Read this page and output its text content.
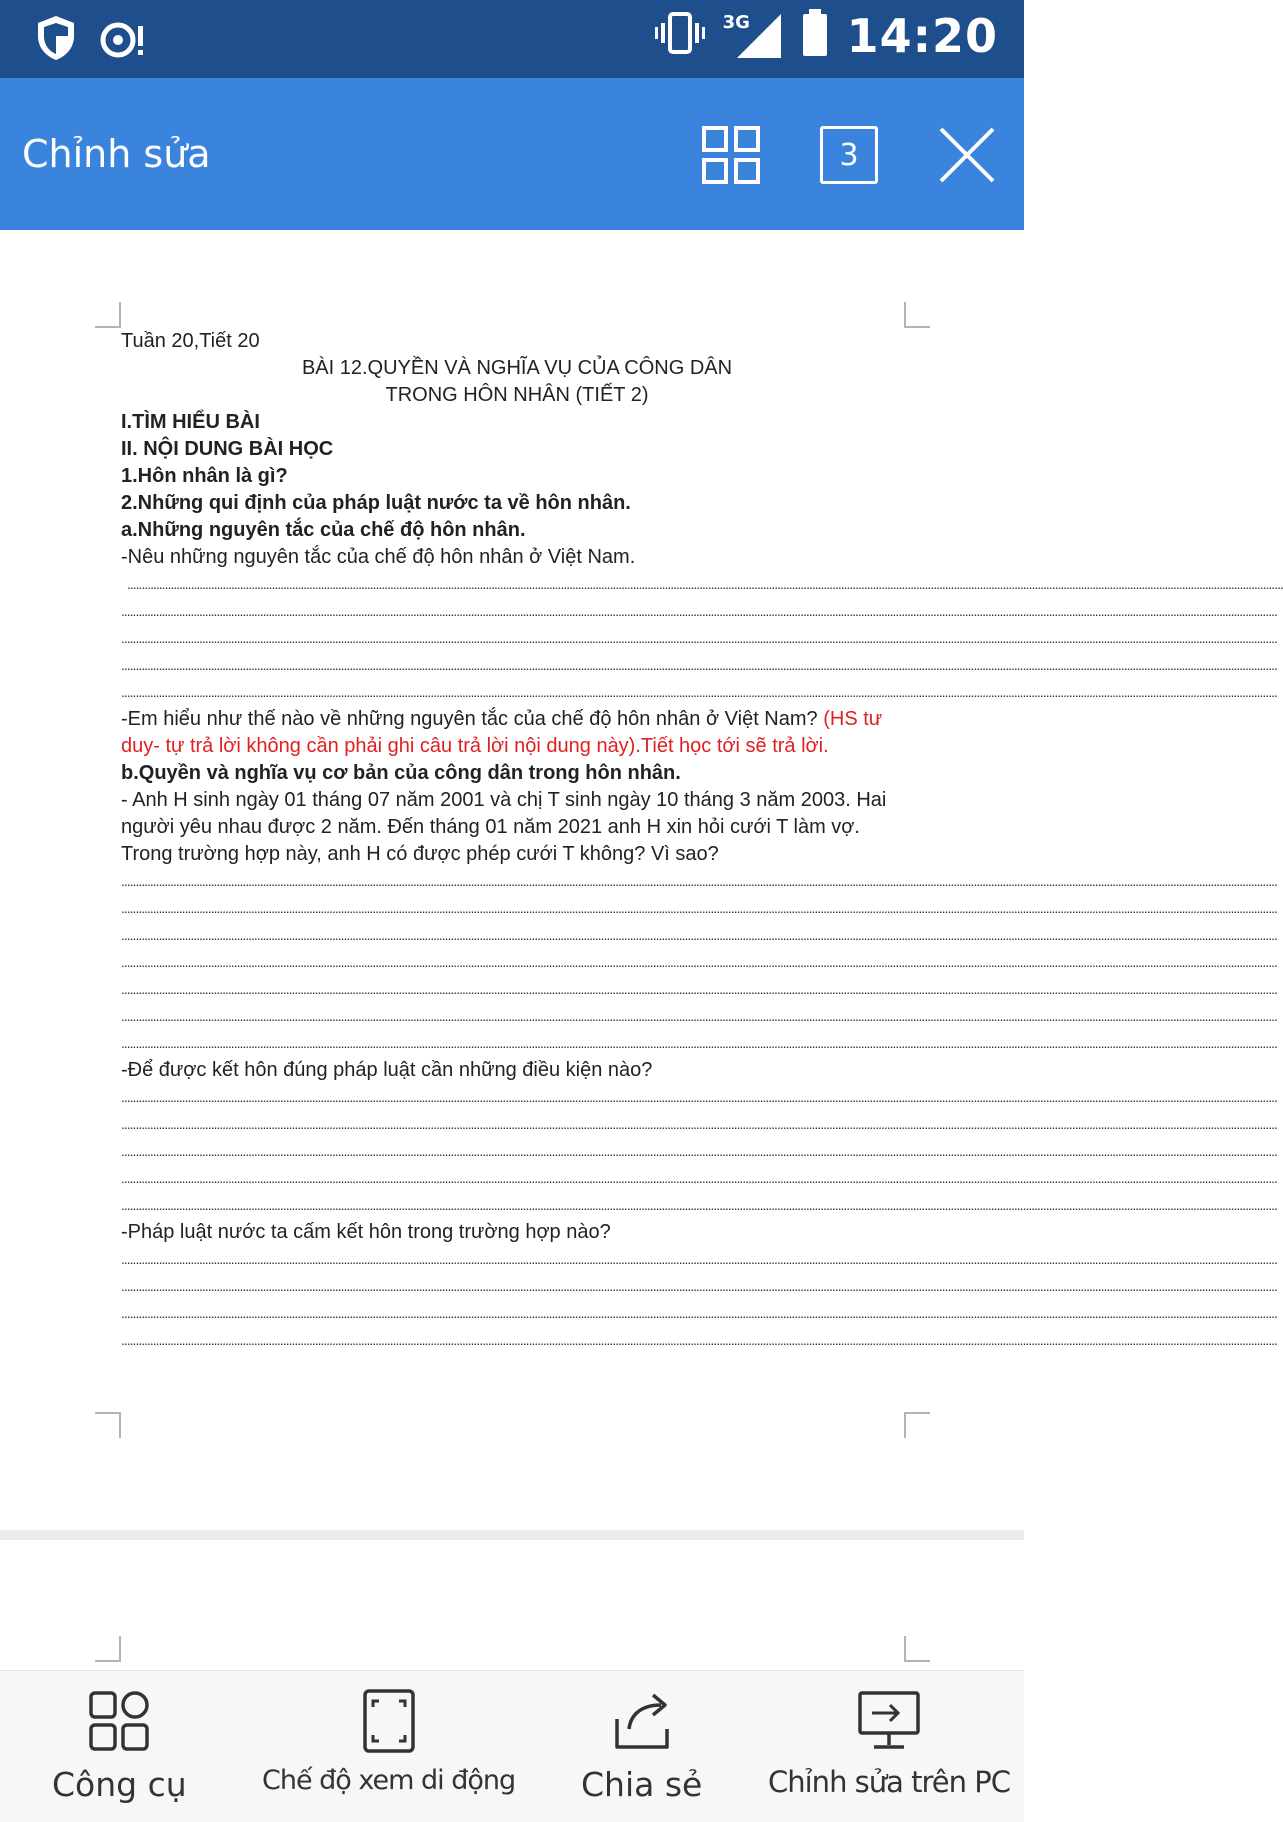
3G 14:20
Chỉnh sửa	3
Tuần 20,Tiết 20
BÀI 12.QUYỀN VÀ NGHĨA VỤ CỦA CÔNG DÂN
TRONG HÔN NHÂN (TIẾT 2)
I.TÌM HIỂU BÀI
II. NỘI DUNG BÀI HỌC
1.Hôn nhân là gì?
2.Những qui định của pháp luật nước ta về hôn nhân.
a.Những nguyên tắc của chế độ hôn nhân.
-Nêu những nguyên tắc của chế độ hôn nhân ở Việt Nam.
................................................................................................................................................................................................................................................................................................................................................................................................................
................................................................................................................................................................................................................................................................................................................................................................................................................
................................................................................................................................................................................................................................................................................................................................................................................................................
................................................................................................................................................................................................................................................................................................................................................................................................................
................................................................................................................................................................................................................................................................................................................................................................................................................
-Em hiểu như thế nào về những nguyên tắc của chế độ hôn nhân ở Việt Nam? (HS tư duy- tự trả lời không cần phải ghi câu trả lời nội dung này).Tiết học tới sẽ trả lời.
b.Quyền và nghĩa vụ cơ bản của công dân trong hôn nhân.
- Anh H sinh ngày 01 tháng 07 năm 2001 và chị T sinh ngày 10 tháng 3 năm 2003. Hai người yêu nhau được 2 năm. Đến tháng 01 năm 2021 anh H xin hỏi cưới T làm vợ. Trong trường hợp này, anh H có được phép cưới T không? Vì sao?
................................................................................................................................................................................................................................................................................................................................................................................................................
................................................................................................................................................................................................................................................................................................................................................................................................................
................................................................................................................................................................................................................................................................................................................................................................................................................
................................................................................................................................................................................................................................................................................................................................................................................................................
................................................................................................................................................................................................................................................................................................................................................................................................................
................................................................................................................................................................................................................................................................................................................................................................................................................
................................................................................................................................................................................................................................................................................................................................................................................................................
-Để được kết hôn đúng pháp luật cần những điều kiện nào?
................................................................................................................................................................................................................................................................................................................................................................................................................
................................................................................................................................................................................................................................................................................................................................................................................................................
................................................................................................................................................................................................................................................................................................................................................................................................................
................................................................................................................................................................................................................................................................................................................................................................................................................
................................................................................................................................................................................................................................................................................................................................................................................................................
-Pháp luật nước ta cấm kết hôn trong trường hợp nào?
................................................................................................................................................................................................................................................................................................................................................................................................................
................................................................................................................................................................................................................................................................................................................................................................................................................
................................................................................................................................................................................................................................................................................................................................................................................................................
................................................................................................................................................................................................................................................................................................................................................................................................................
Công cụ	Chế độ xem di động Chia sẻ Chỉnh sửa trên PC
